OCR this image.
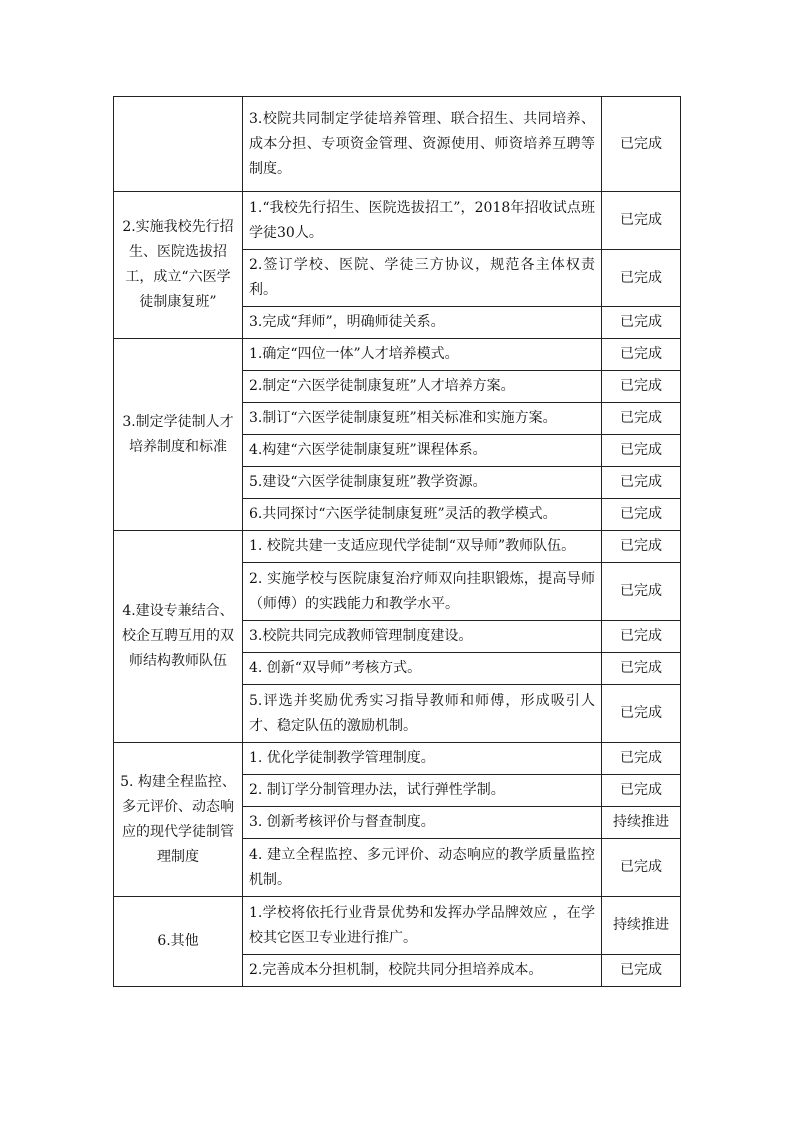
	3.校院共同制定学徒培养管理、联合招生、共同培养、成本分担、专项资金管理、资源使用、师资培养互聘等制度。	已完成
2.实施我校先行招生、医院选拔招工，成立“六医学徒制康复班”	1.“我校先行招生、医院选拔招工”，2018年招收试点班学徒30人。	已完成
	2.签订学校、医院、学徒三方协议，规范各主体权责利。	已完成
	3.完成“拜师”，明确师徒关系。	已完成
3.制定学徒制人才培养制度和标准	1.确定“四位一体”人才培养模式。	已完成
	2.制定“六医学徒制康复班”人才培养方案。	已完成
	3.制订“六医学徒制康复班”相关标准和实施方案。	已完成
	4.构建“六医学徒制康复班”课程体系。	已完成
	5.建设“六医学徒制康复班”教学资源。	已完成
	6.共同探讨“六医学徒制康复班”灵活的教学模式。	已完成
4.建设专兼结合、校企互聘互用的双师结构教师队伍	1. 校院共建一支适应现代学徒制“双导师”教师队伍。	已完成
	2. 实施学校与医院康复治疗师双向挂职锻炼，提高导师（师傅）的实践能力和教学水平。	已完成
	3.校院共同完成教师管理制度建设。	已完成
	4. 创新“双导师”考核方式。	已完成
	5.评选并奖励优秀实习指导教师和师傅，形成吸引人才、稳定队伍的激励机制。	已完成
5. 构建全程监控、多元评价、动态响应的现代学徒制管理制度	1. 优化学徒制教学管理制度。	已完成
	2. 制订学分制管理办法，试行弹性学制。	已完成
	3. 创新考核评价与督查制度。	持续推进
	4. 建立全程监控、多元评价、动态响应的教学质量监控机制。	已完成
6.其他	1.学校将依托行业背景优势和发挥办学品牌效应 ，在学校其它医卫专业进行推广。	持续推进
	2.完善成本分担机制，校院共同分担培养成本。	已完成
